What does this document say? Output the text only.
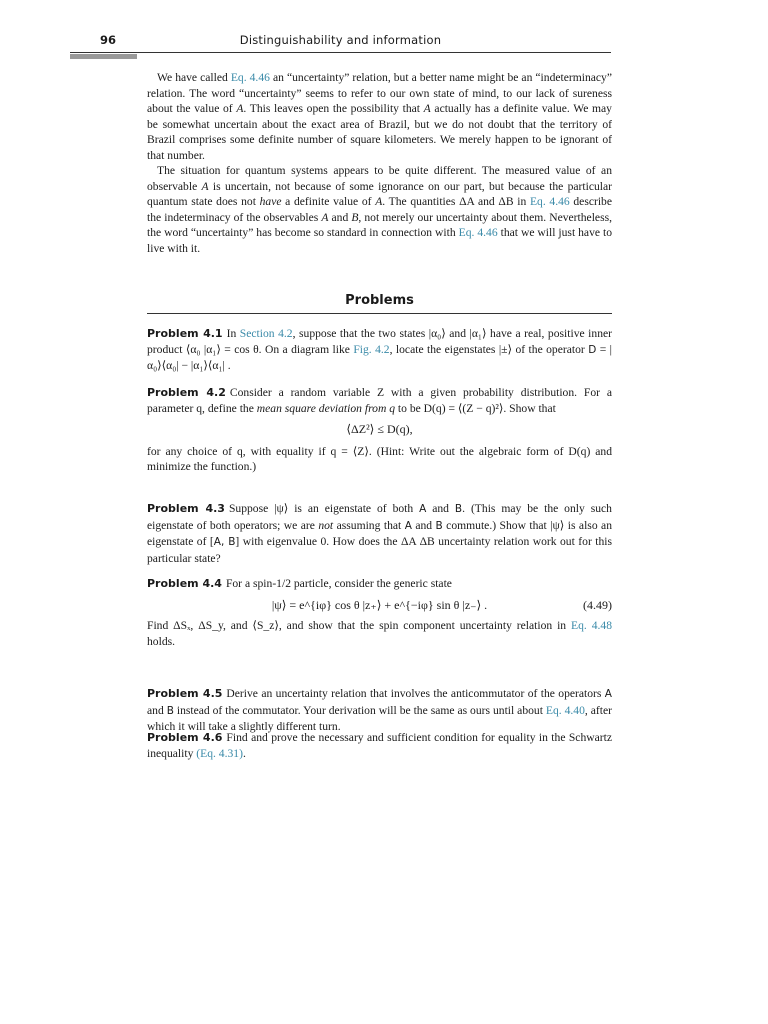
96	Distinguishability and information

We have called Eq. 4.46 an “uncertainty” relation, but a better name might be an “indeterminacy” relation. The word “uncertainty” seems to refer to our own state of mind, to our lack of sureness about the value of A. This leaves open the possibility that A actually has a definite value. We may be somewhat uncertain about the exact area of Brazil, but we do not doubt that the territory of Brazil comprises some definite number of square kilometers. We merely happen to be ignorant of that number.

The situation for quantum systems appears to be quite different. The measured value of an observable A is uncertain, not because of some ignorance on our part, but because the particular quantum state does not have a definite value of A. The quantities ΔA and ΔB in Eq. 4.46 describe the indeterminacy of the observables A and B, not merely our uncertainty about them. Nevertheless, the word “uncertainty” has become so standard in connection with Eq. 4.46 that we will just have to live with it.

Problems
Problem 4.1 In Section 4.2, suppose that the two states |α₀⟩ and |α₁⟩ have a real, positive inner product ⟨α₀ |α₁⟩ = cos θ. On a diagram like Fig. 4.2, locate the eigenstates |±⟩ of the operator D = |α₀⟩⟨α₀| − |α₁⟩⟨α₁| .
Problem 4.2 Consider a random variable Z with a given probability distribution. For a parameter q, define the mean square deviation from q to be D(q) = ⟨(Z − q)²⟩. Show that
⟨ΔZ²⟩ ≤ D(q),
for any choice of q, with equality if q = ⟨Z⟩. (Hint: Write out the algebraic form of D(q) and minimize the function.)
Problem 4.3 Suppose |ψ⟩ is an eigenstate of both A and B. (This may be the only such eigenstate of both operators; we are not assuming that A and B commute.) Show that |ψ⟩ is also an eigenstate of [A, B] with eigenvalue 0. How does the ΔA ΔB uncertainty relation work out for this particular state?
Problem 4.4 For a spin-1/2 particle, consider the generic state
|ψ⟩ = e^{iφ} cos θ |z₊⟩ + e^{−iφ} sin θ |z₋⟩ .	(4.49)
Find ΔSₓ, ΔS_y, and ⟨S_z⟩, and show that the spin component uncertainty relation in Eq. 4.48 holds.
Problem 4.5 Derive an uncertainty relation that involves the anticommutator of the operators A and B instead of the commutator. Your derivation will be the same as ours until about Eq. 4.40, after which it will take a slightly different turn.
Problem 4.6 Find and prove the necessary and sufficient condition for equality in the Schwartz inequality (Eq. 4.31).
